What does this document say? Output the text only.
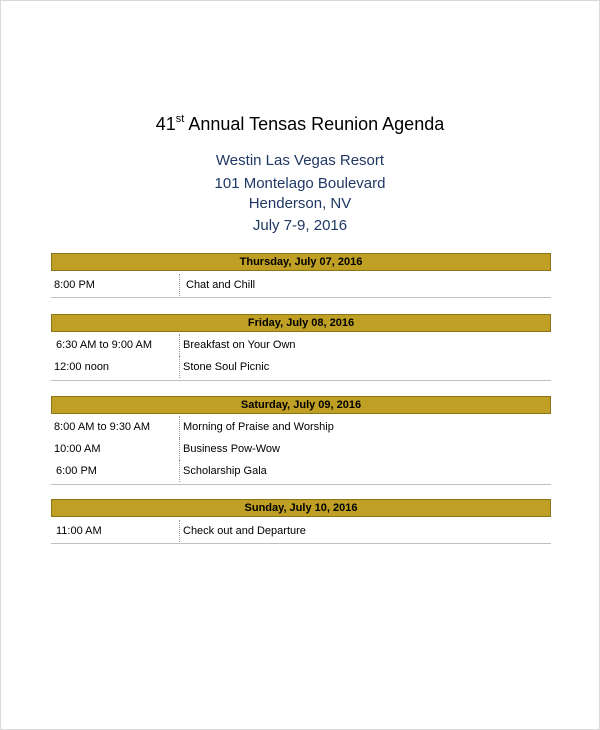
41st Annual Tensas Reunion Agenda
Westin Las Vegas Resort
101 Montelago Boulevard
Henderson, NV
July 7-9, 2016
Thursday, July 07, 2016
8:00 PM	Chat and Chill
Friday, July 08, 2016
6:30 AM to 9:00 AM	Breakfast on Your Own
12:00 noon	Stone Soul Picnic
Saturday, July 09, 2016
8:00 AM to 9:30 AM	Morning of Praise and Worship
10:00 AM	Business Pow-Wow
6:00 PM	Scholarship Gala
Sunday, July 10, 2016
11:00 AM	Check out and Departure
